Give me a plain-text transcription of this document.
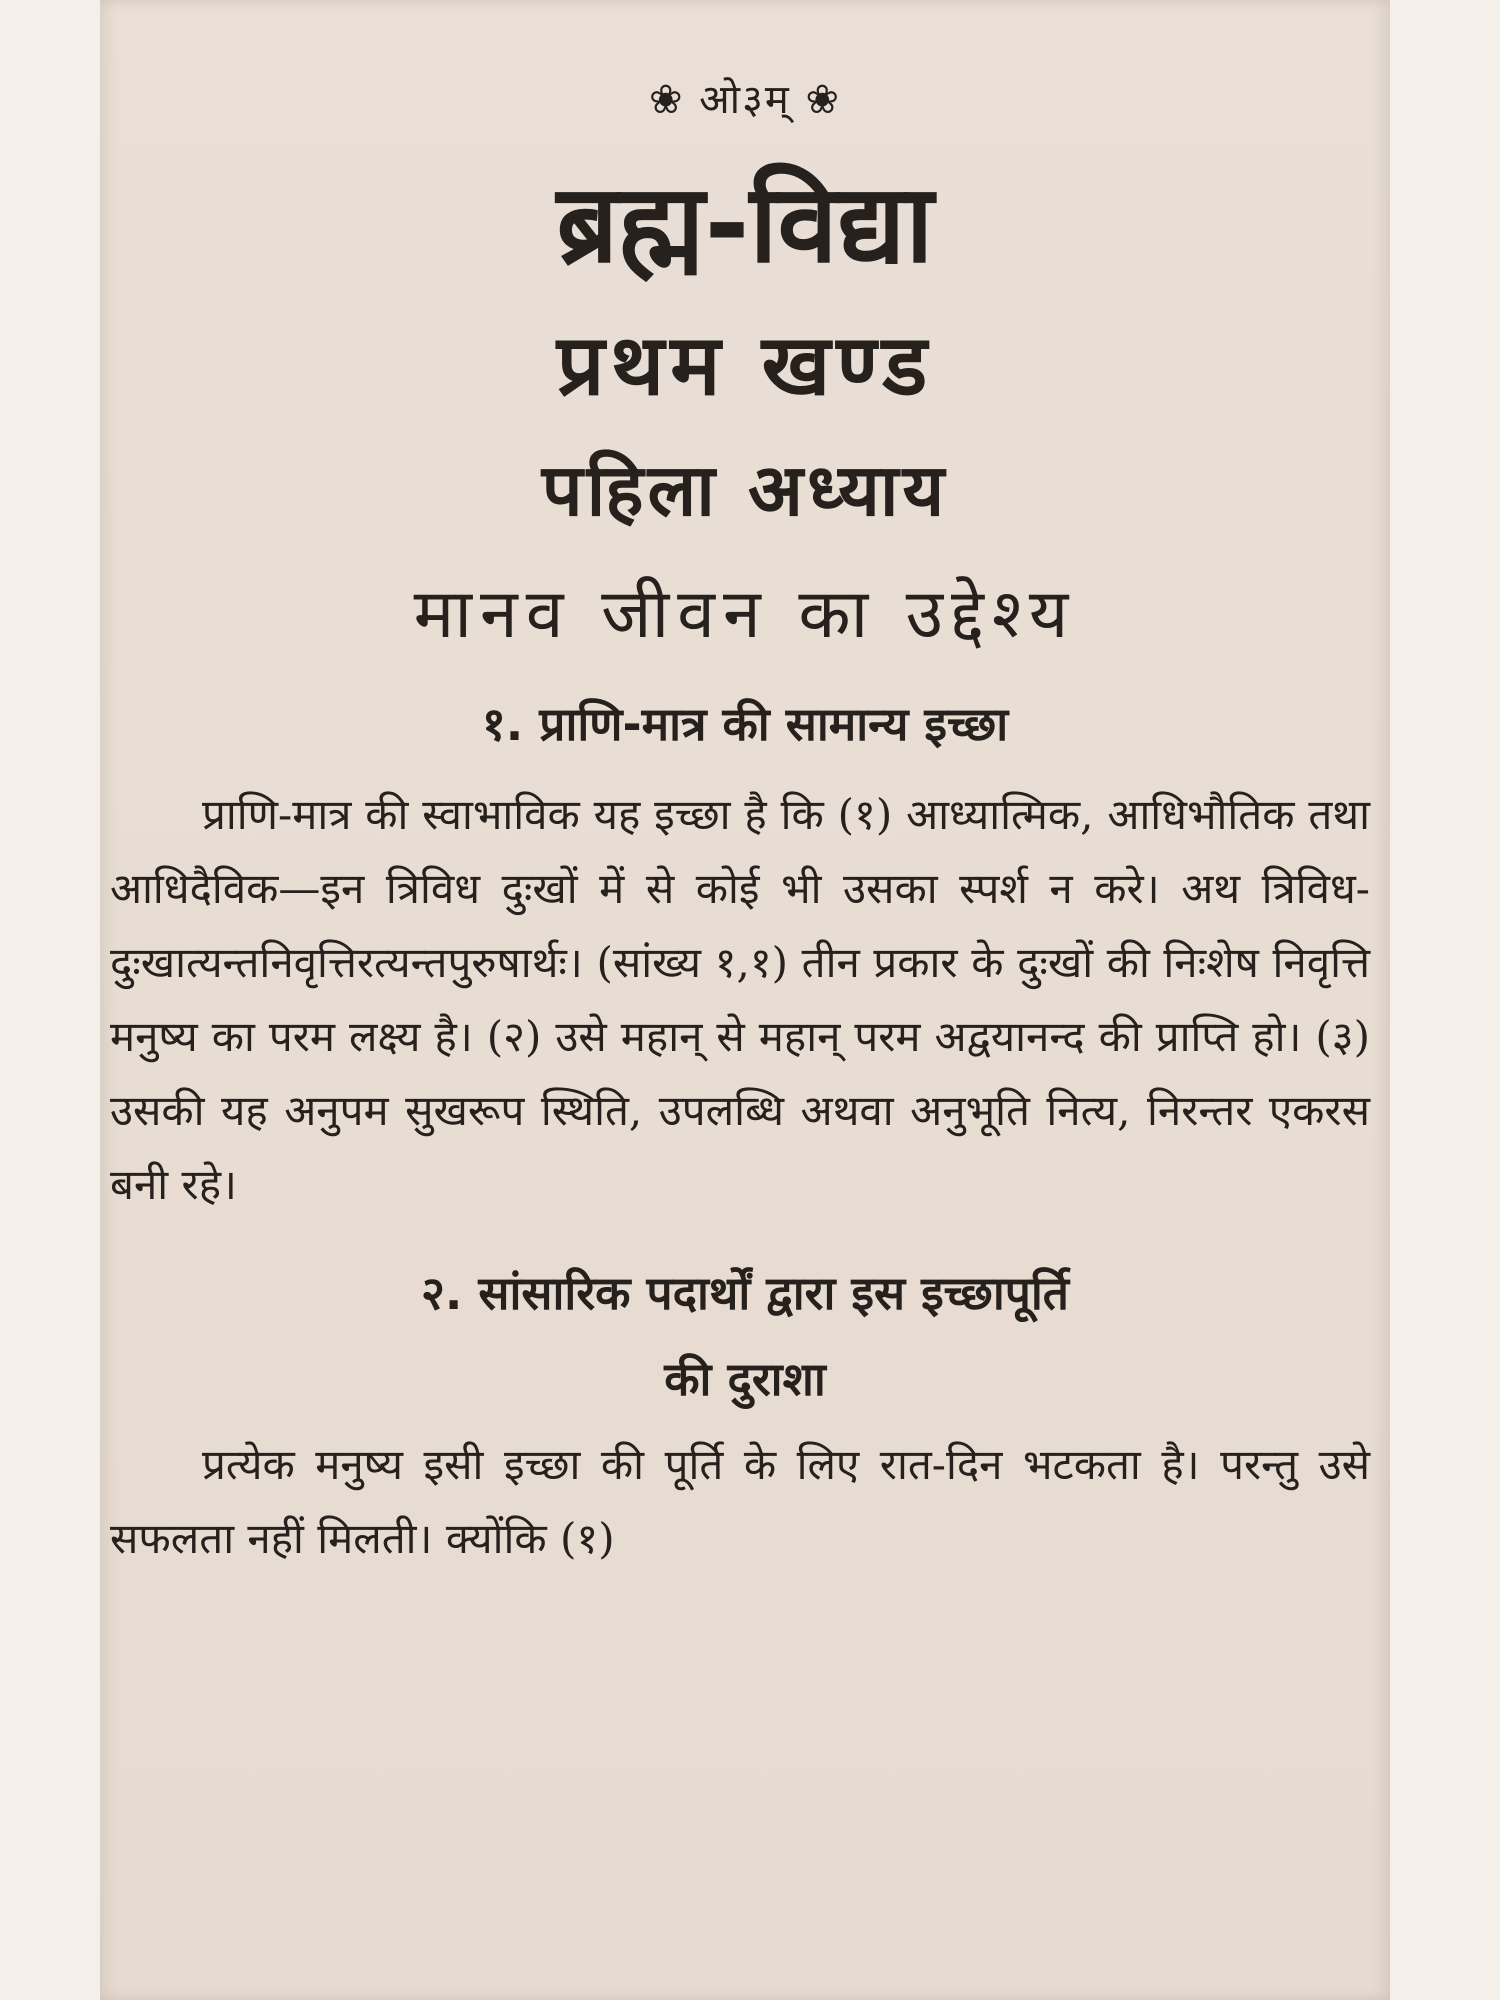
❀ ओ३म् ❀
ब्रह्म-विद्या
प्रथम खण्ड
पहिला अध्याय
मानव जीवन का उद्देश्य
१. प्राणि-मात्र की सामान्य इच्छा

प्राणि-मात्र की स्वाभाविक यह इच्छा है कि (१) आध्यात्मिक, आधिभौतिक तथा आधिदैविक—इन त्रिविध दुःखों में से कोई भी उसका स्पर्श न करे। अथ त्रिविध-दुःखात्यन्तनिवृत्तिरत्यन्तपुरुषार्थः। (सांख्य १,१) तीन प्रकार के दुःखों की निःशेष निवृत्ति मनुष्य का परम लक्ष्य है। (२) उसे महान् से महान् परम अद्वयानन्द की प्राप्ति हो। (३) उसकी यह अनुपम सुखरूप स्थिति, उपलब्धि अथवा अनुभूति नित्य, निरन्तर एकरस बनी रहे।

२. सांसारिक पदार्थों द्वारा इस इच्छापूर्ति
की दुराशा

प्रत्येक मनुष्य इसी इच्छा की पूर्ति के लिए रात-दिन भटकता है। परन्तु उसे सफलता नहीं मिलती। क्योंकि (१)
